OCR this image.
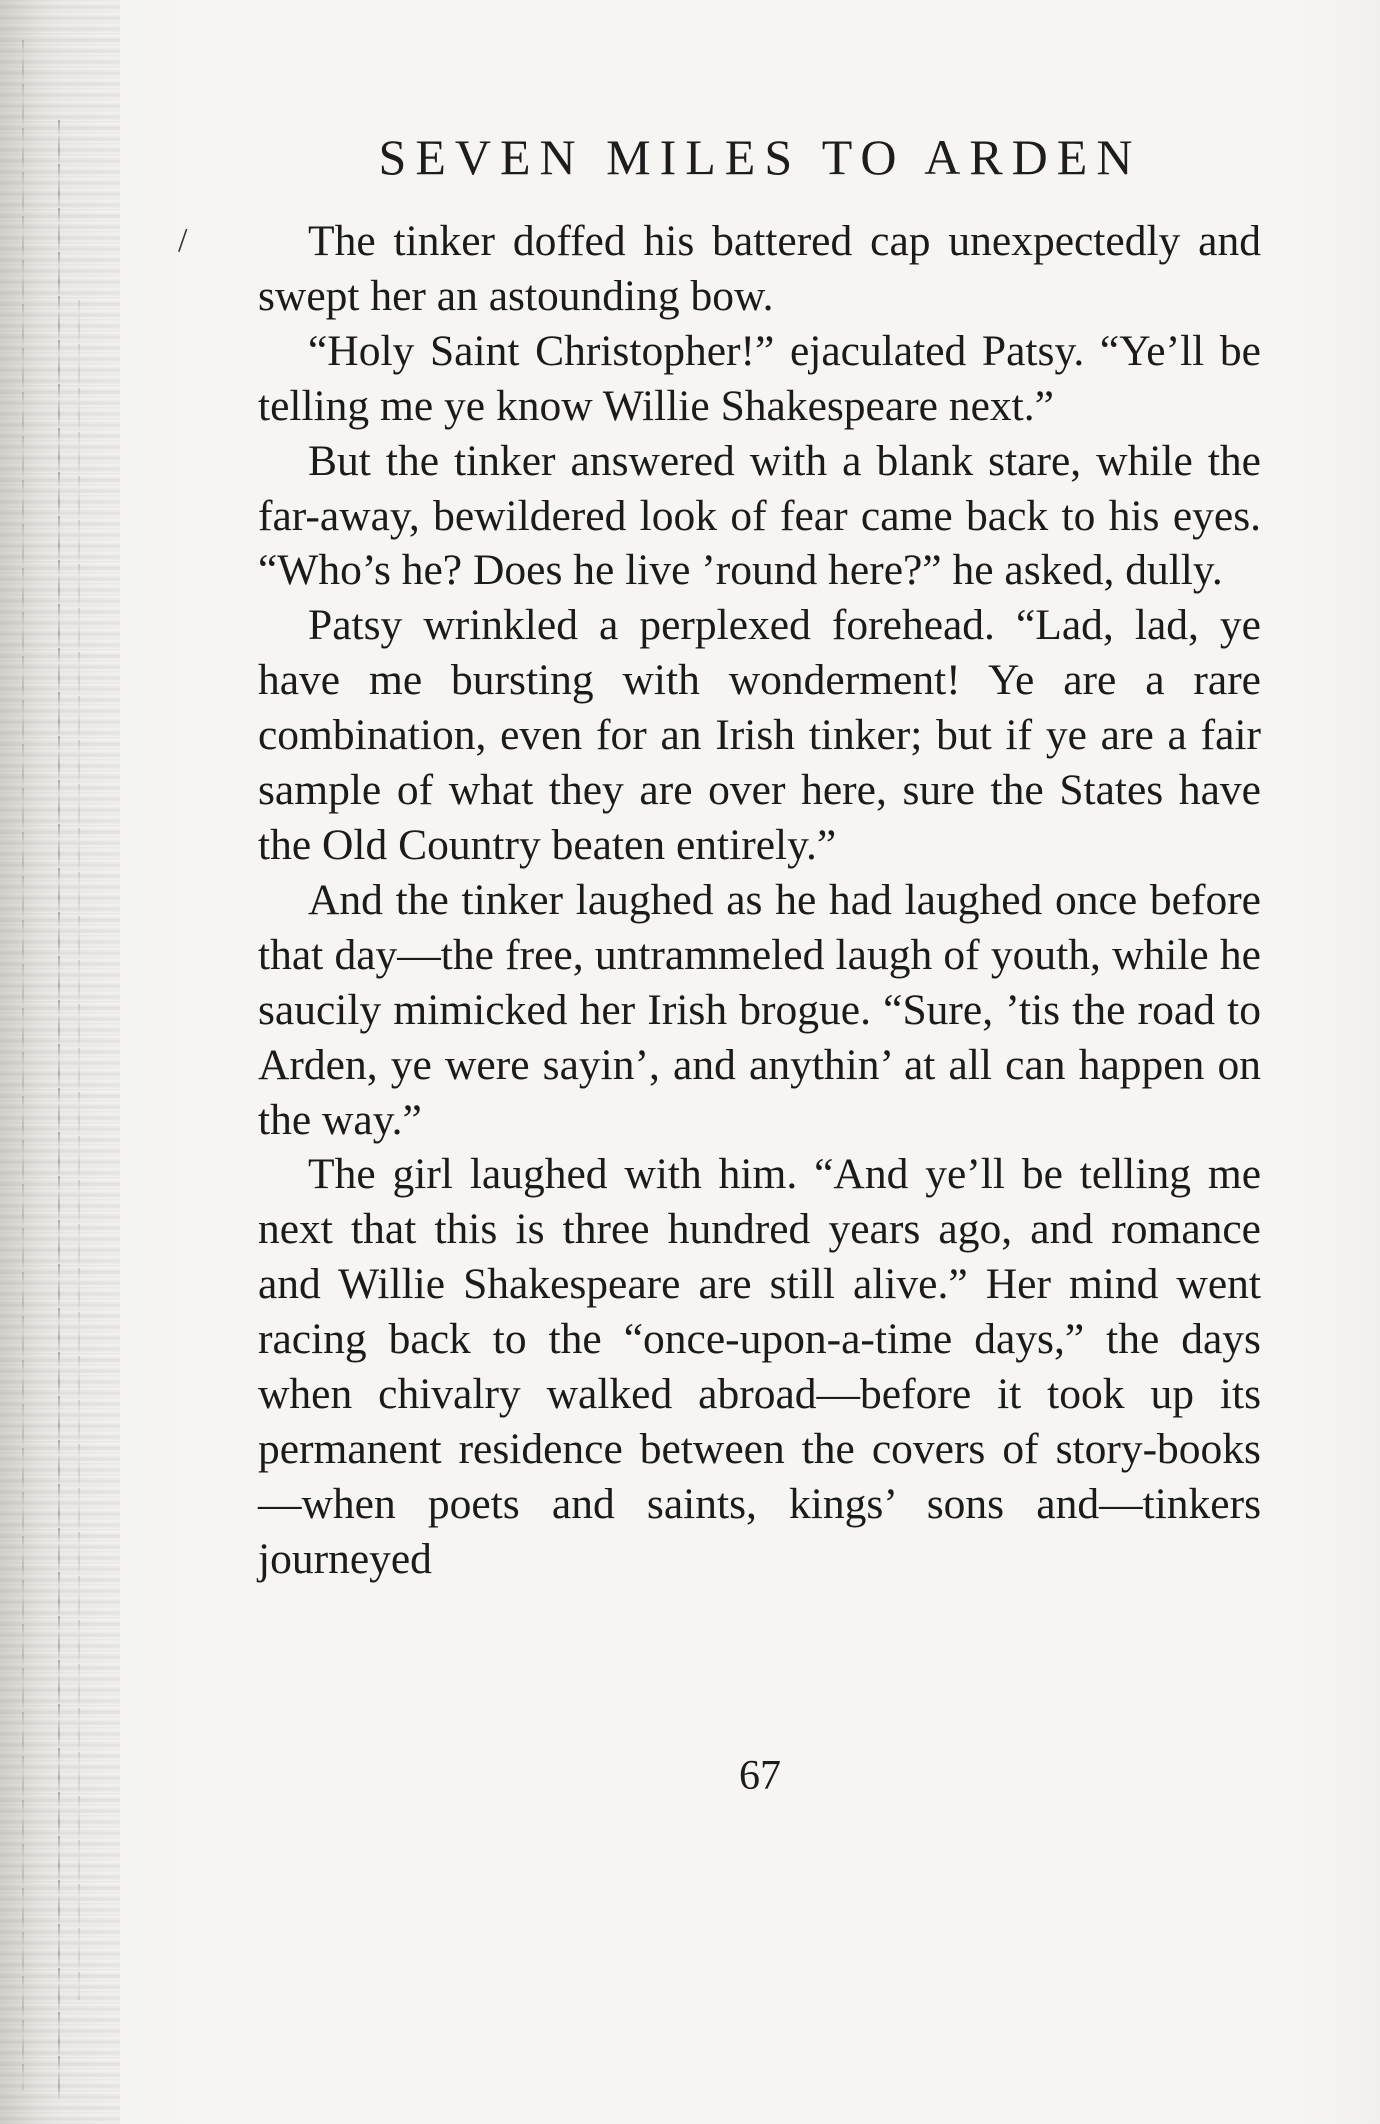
SEVEN MILES TO ARDEN
/	The tinker doffed his battered cap unexpectedly and swept her an astounding bow.

“Holy Saint Christopher!” ejaculated Patsy. “Ye’ll be telling me ye know Willie Shakespeare next.”

But the tinker answered with a blank stare, while the far-away, bewildered look of fear came back to his eyes. “Who’s he? Does he live ’round here?” he asked, dully.

Patsy wrinkled a perplexed forehead. “Lad, lad, ye have me bursting with wonderment! Ye are a rare combination, even for an Irish tinker; but if ye are a fair sample of what they are over here, sure the States have the Old Country beaten entirely.”

And the tinker laughed as he had laughed once before that day—the free, untrammeled laugh of youth, while he saucily mimicked her Irish brogue. “Sure, ’tis the road to Arden, ye were sayin’, and anythin’ at all can happen on the way.”

The girl laughed with him. “And ye’ll be telling me next that this is three hundred years ago, and romance and Willie Shakespeare are still alive.” Her mind went racing back to the “once-upon-a-time days,” the days when chivalry walked abroad—before it took up its permanent residence between the covers of story-books—when poets and saints, kings’ sons and—tinkers journeyed

67
